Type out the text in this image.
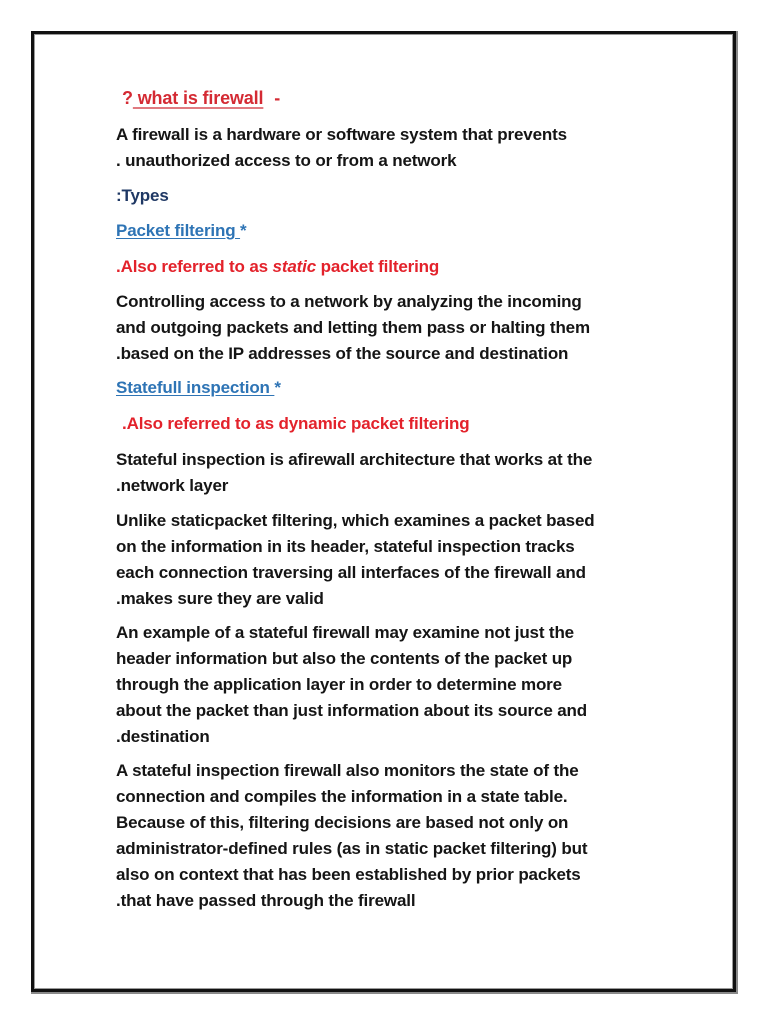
? what is firewall -
A firewall is a hardware or software system that prevents
. unauthorized access to or from a network
:Types
Packet filtering *
.Also referred to as static packet filtering
Controlling access to a network by analyzing the incoming
and outgoing packets and letting them pass or halting them
.based on the IP addresses of the source and destination
Statefull inspection *
.Also referred to as dynamic packet filtering
Stateful inspection is afirewall architecture that works at the
.network layer
Unlike staticpacket filtering, which examines a packet based
on the information in its header, stateful inspection tracks
each connection traversing all interfaces of the firewall and
.makes sure they are valid
An example of a stateful firewall may examine not just the
header information but also the contents of the packet up
through the application layer in order to determine more
about the packet than just information about its source and
.destination
A stateful inspection firewall also monitors the state of the
connection and compiles the information in a state table.
Because of this, filtering decisions are based not only on
administrator-defined rules (as in static packet filtering) but
also on context that has been established by prior packets
.that have passed through the firewall
